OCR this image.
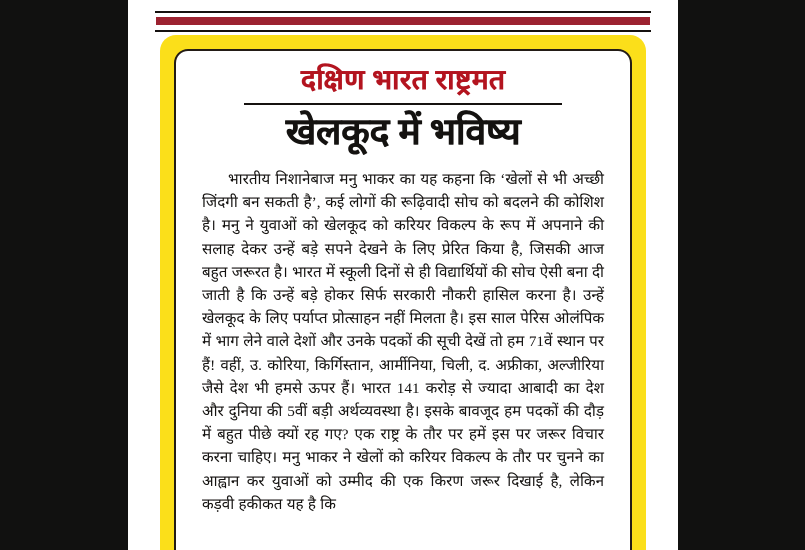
दक्षिण भारत राष्ट्रमत
खेलकूद में भविष्य

भारतीय निशानेबाज मनु भाकर का यह कहना कि ‘खेलों से भी अच्छी जिंदगी बन सकती है’, कई लोगों की रूढ़िवादी सोच को बदलने की कोशिश है। मनु ने युवाओं को खेलकूद को करियर विकल्प के रूप में अपनाने की सलाह देकर उन्हें बड़े सपने देखने के लिए प्रेरित किया है, जिसकी आज बहुत जरूरत है। भारत में स्कूली दिनों से ही विद्यार्थियों की सोच ऐसी बना दी जाती है कि उन्हें बड़े होकर सिर्फ सरकारी नौकरी हासिल करना है। उन्हें खेलकूद के लिए पर्याप्त प्रोत्साहन नहीं मिलता है। इस साल पेरिस ओलंपिक में भाग लेने वाले देशों और उनके पदकों की सूची देखें तो हम 71वें स्थान पर हैं! वहीं, उ. कोरिया, किर्गिस्तान, आर्मीनिया, चिली, द. अफ्रीका, अल्जीरिया जैसे देश भी हमसे ऊपर हैं। भारत 141 करोड़ से ज्यादा आबादी का देश और दुनिया की 5वीं बड़ी अर्थव्यवस्था है। इसके बावजूद हम पदकों की दौड़ में बहुत पीछे क्यों रह गए? एक राष्ट्र के तौर पर हमें इस पर जरूर विचार करना चाहिए। मनु भाकर ने खेलों को करियर विकल्प के तौर पर चुनने का आह्वान कर युवाओं को उम्मीद की एक किरण जरूर दिखाई है, लेकिन कड़वी हकीकत यह है कि
